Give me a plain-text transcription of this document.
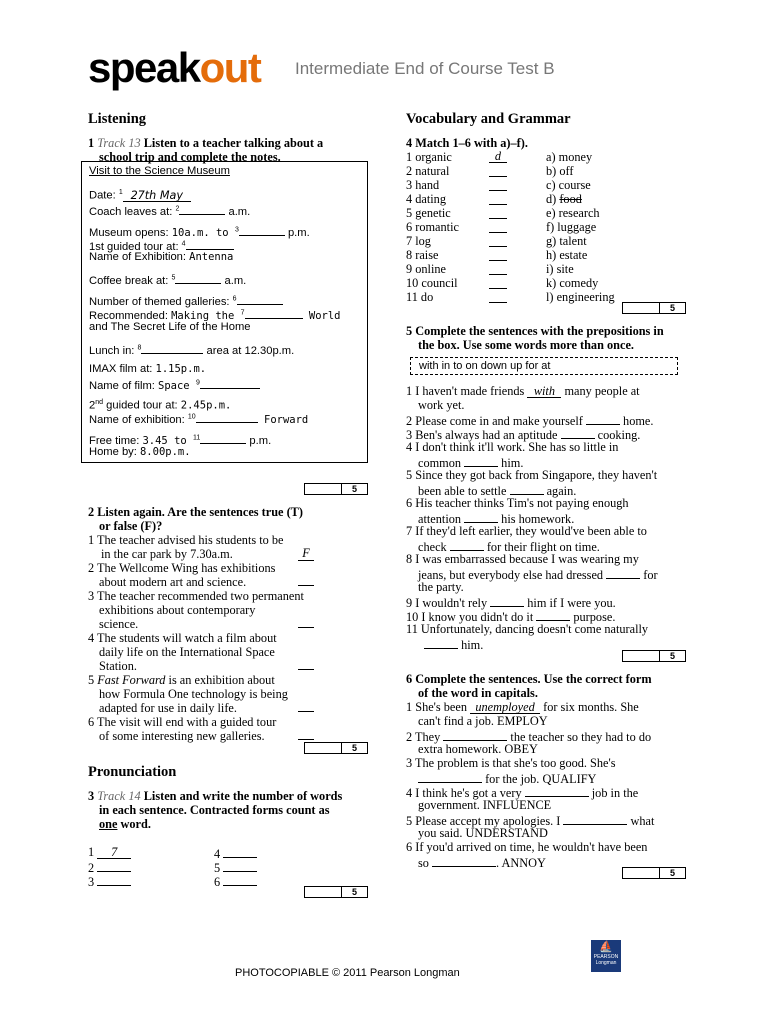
speakout Intermediate End of Course Test B
Listening
1 Track 13 Listen to a teacher talking about a
school trip and complete the notes.
Visit to the Science Museum
Date: $^1$ 27th May
Coach leaves at: $^2$	a.m.
Museum opens: 10a.m. to $^3$	p.m.
1st guided tour at: $^4$
Name of Exhibition: Antenna
Coffee break at: $^5$	a.m.
Number of themed galleries: $^6$
Recommended: Making the $^7$	World
and The Secret Life of the Home
Lunch in: $^8$	area at 12.30p.m.
IMAX film at: 1.15p.m.
Name of film: Space $^9$
2nd guided tour at: 2.45p.m.
Name of exhibition: $^{10}$	Forward
Free time: 3.45 to $^{11}$	p.m.
Home by: 8.00p.m.
5
2 Listen again. Are the sentences true (T)
or false (F)?
1 The teacher advised his students to be
in the car park by 7.30a.m.	F
2 The Wellcome Wing has exhibitions
about modern art and science.
3 The teacher recommended two permanent
exhibitions about contemporary
science.
4 The students will watch a film about
daily life on the International Space
Station.
5 Fast Forward is an exhibition about
how Formula One technology is being
adapted for use in daily life.
6 The visit will end with a guided tour
of some interesting new galleries.
5
Pronunciation
3 Track 14 Listen and write the number of words
in each sentence. Contracted forms count as
one word.
1 7
2
3
4
5
6
5
Vocabulary and Grammar
4 Match 1–6 with a)–f).
1 organic	d	a) money
2 natural	b) off
3 hand	c) course
4 dating	d) food
5 genetic	e) research
6 romantic	f) luggage
7 log	g) talent
8 raise	h) estate
9 online	i) site
10 council	k) comedy
11 do	l) engineering
5
5 Complete the sentences with the prepositions in
the box. Use some words more than once.
with in to on down up for at
1 I haven't made friends with many people at
work yet.
2 Please come in and make yourself	home.
3 Ben's always had an aptitude	cooking.
4 I don't think it'll work. She has so little in
common	him.
5 Since they got back from Singapore, they haven't
been able to settle	again.
6 His teacher thinks Tim's not paying enough
attention	his homework.
7 If they'd left earlier, they would've been able to
check	for their flight on time.
8 I was embarrassed because I was wearing my
jeans, but everybody else had dressed	for
the party.
9 I wouldn't rely	him if I were you.
10 I know you didn't do it	purpose.
11 Unfortunately, dancing doesn't come naturally
him.
5
6 Complete the sentences. Use the correct form
of the word in capitals.
1 She's been unemployed for six months. She
can't find a job. EMPLOY
2 They	the teacher so they had to do
extra homework. OBEY
3 The problem is that she's too good. She's
for the job. QUALIFY
4 I think he's got a very	job in the
government. INFLUENCE
5 Please accept my apologies. I	what
you said. UNDERSTAND
6 If you'd arrived on time, he wouldn't have been
so	. ANNOY
5
⛵
PEARSON
Longman
PHOTOCOPIABLE © 2011 Pearson Longman
